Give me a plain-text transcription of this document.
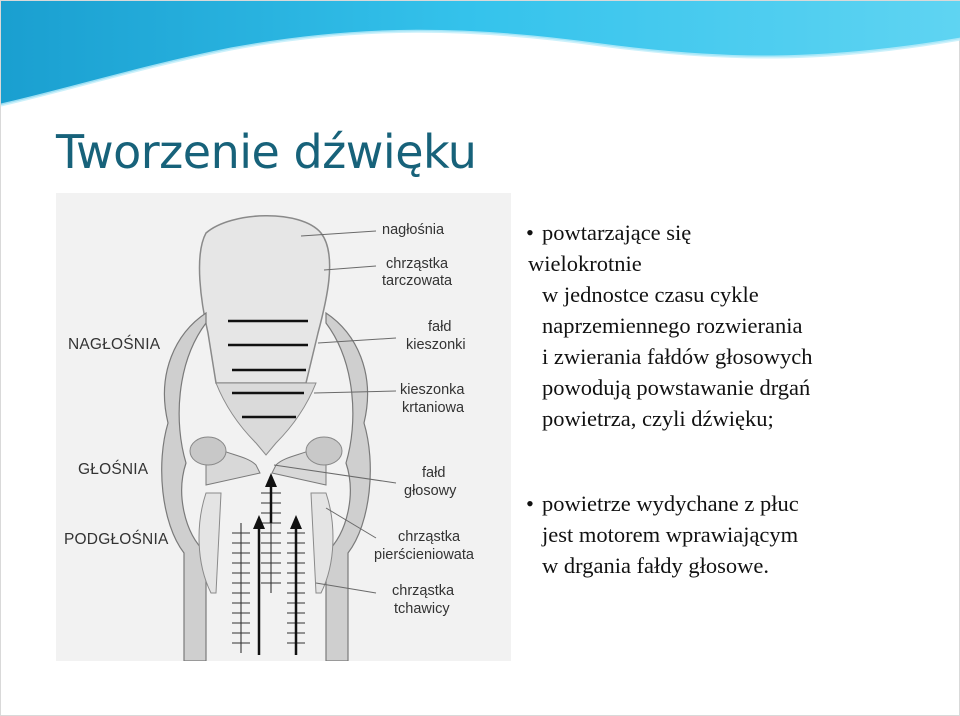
Tworzenie dźwięku
NAGŁOŚNIA
GŁOŚNIA
PODGŁOŚNIA
nagłośnia
chrząstka
tarczowata
fałd
kieszonki
kieszonka
krtaniowa
fałd
głosowy
chrząstka
pierścieniowata
chrząstka
tchawicy
• powtarzające się
wielokrotnie
w jednostce czasu cykle
naprzemiennego rozwierania
i zwierania fałdów głosowych
powodują powstawanie drgań
powietrza, czyli dźwięku;
• powietrze wydychane z płuc
jest motorem wprawiającym
w drgania fałdy głosowe.
